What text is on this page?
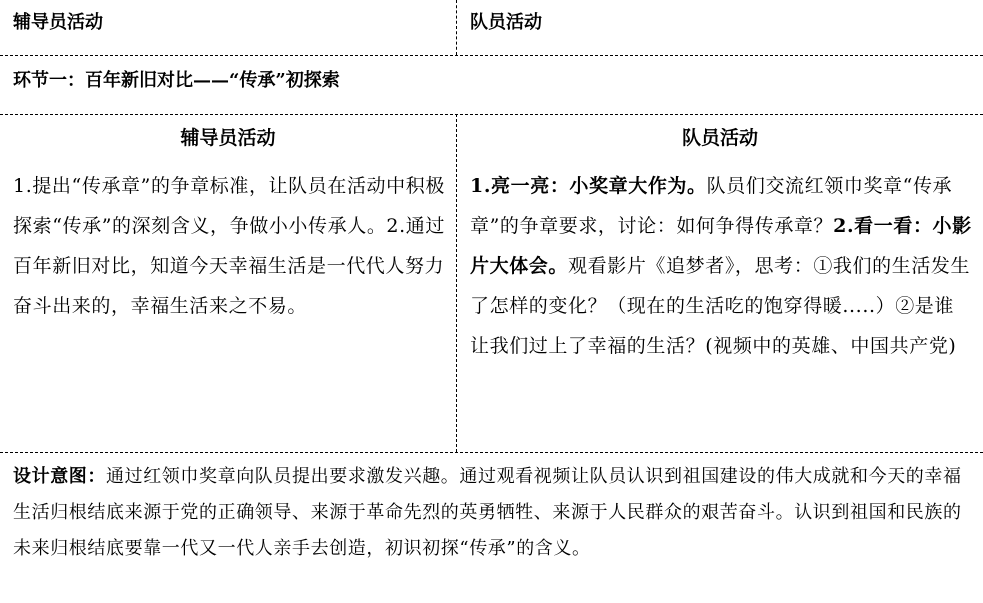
辅导员活动	队员活动
环节一：百年新旧对比——“传承”初探索
辅导员活动	队员活动
1.提出“传承章”的争章标准，让队员在活动中积极探索“传承”的深刻含义，争做小小传承人。2.通过百年新旧对比，知道今天幸福生活是一代代人努力奋斗出来的，幸福生活来之不易。
1.亮一亮：小奖章大作为。队员们交流红领巾奖章“传承章”的争章要求，讨论：如何争得传承章？2.看一看：小影片大体会。观看影片《追梦者》，思考：①我们的生活发生了怎样的变化？（现在的生活吃的饱穿得暖.....）②是谁让我们过上了幸福的生活？(视频中的英雄、中国共产党)
设计意图：通过红领巾奖章向队员提出要求激发兴趣。通过观看视频让队员认识到祖国建设的伟大成就和今天的幸福生活归根结底来源于党的正确领导、来源于革命先烈的英勇牺牲、来源于人民群众的艰苦奋斗。认识到祖国和民族的未来归根结底要靠一代又一代人亲手去创造，初识初探“传承”的含义。
